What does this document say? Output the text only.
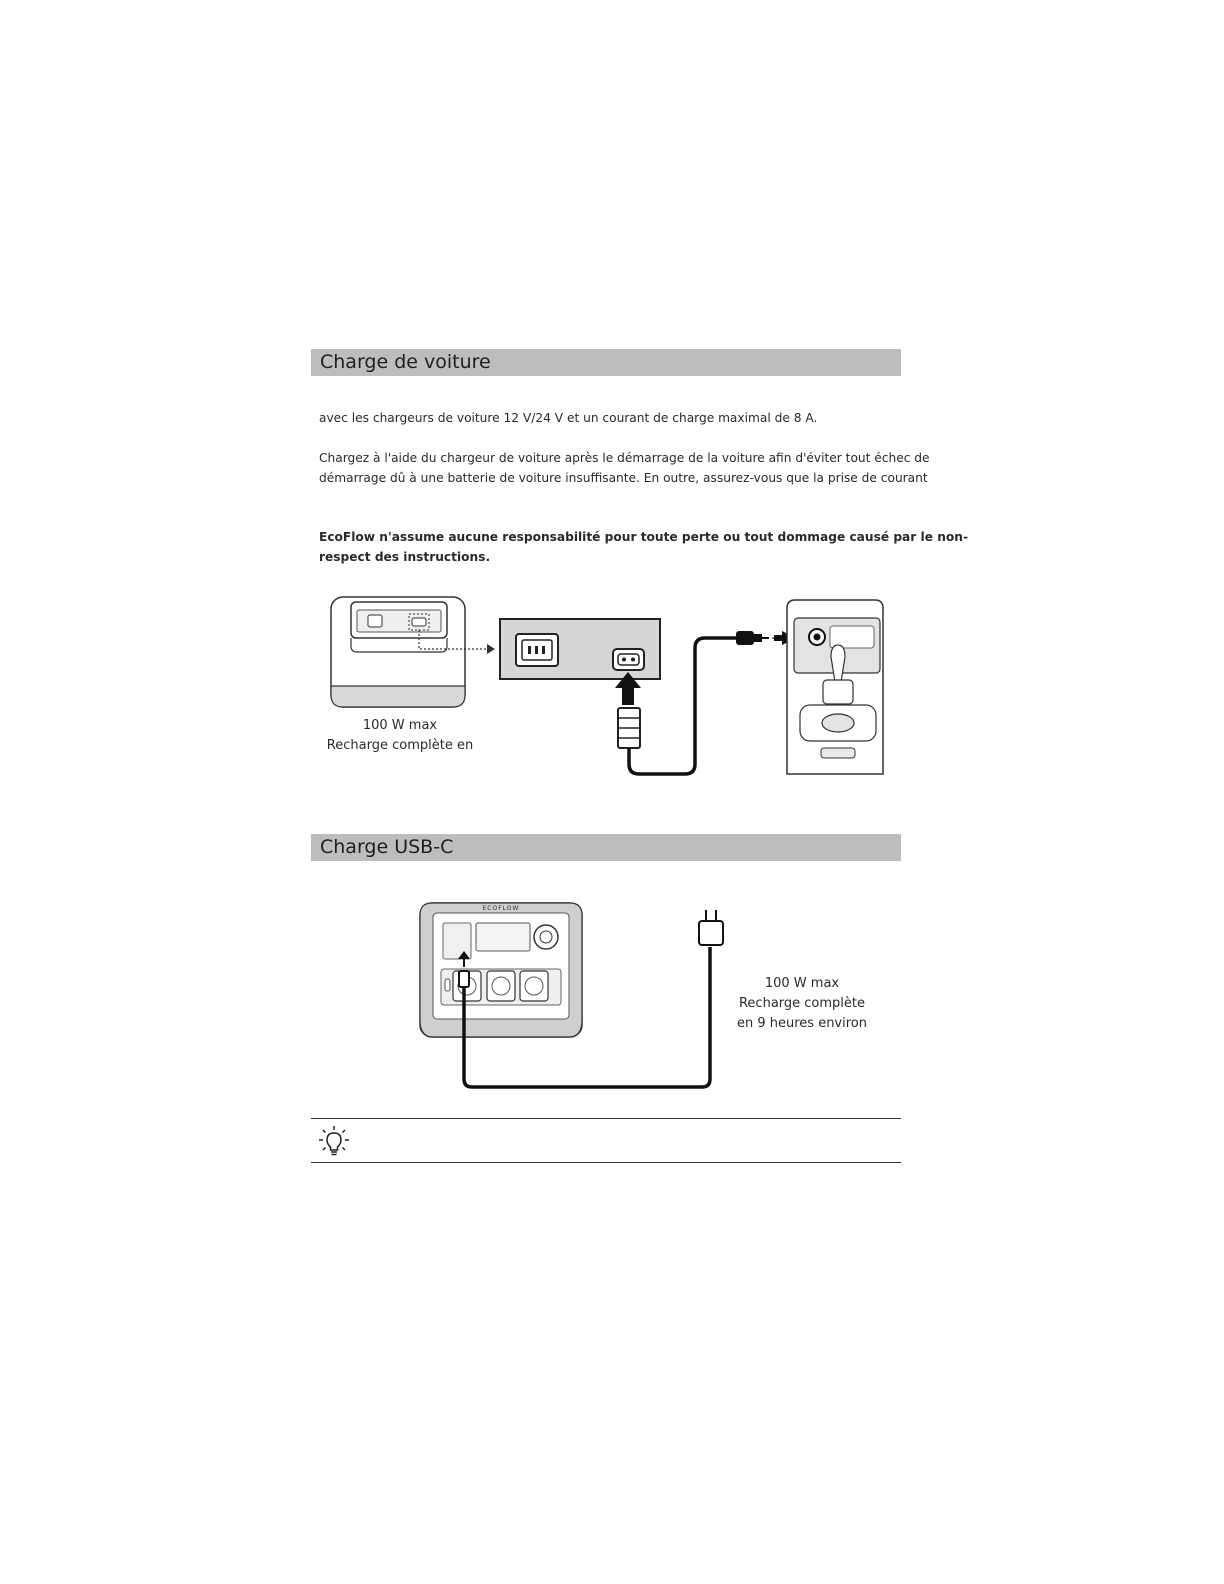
Charge de voiture

avec les chargeurs de voiture 12 V/24 V et un courant de charge maximal de 8 A.

Chargez à l'aide du chargeur de voiture après le démarrage de la voiture afin d'éviter tout échec de

démarrage dû à une batterie de voiture insuffisante. En outre, assurez-vous que la prise de courant

EcoFlow n'assume aucune responsabilité pour toute perte ou tout dommage causé par le non-

respect des instructions.

100 W max
Recharge complète en
Charge USB-C
ECOFLOW
100 W max
Recharge complète
en 9 heures environ
